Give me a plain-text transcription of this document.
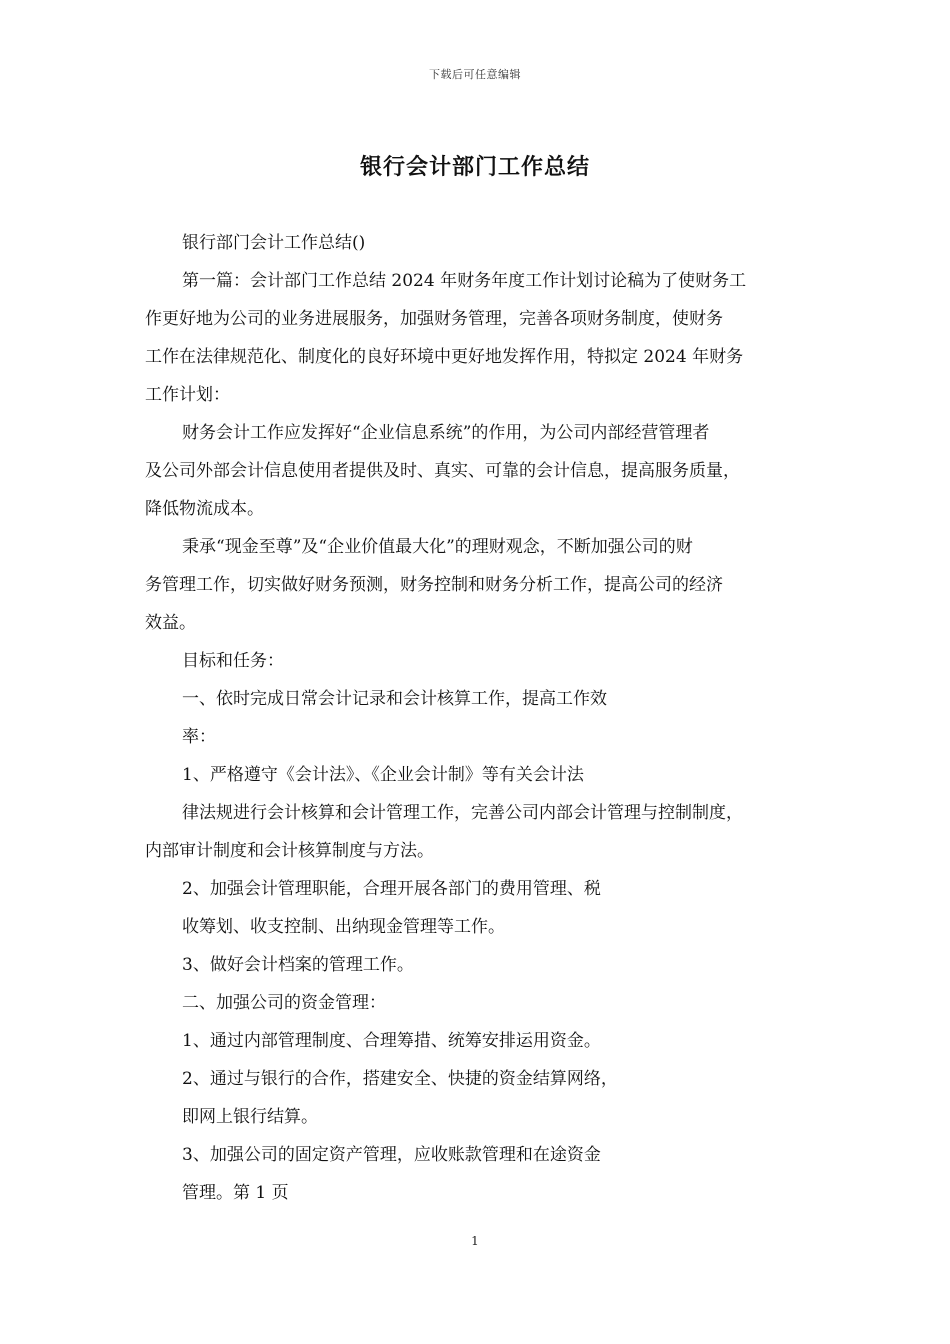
下载后可任意编辑
银行会计部门工作总结
银行部门会计工作总结()
第一篇：会计部门工作总结 2024 年财务年度工作计划讨论稿为了使财务工
作更好地为公司的业务进展服务，加强财务管理，完善各项财务制度，使财务
工作在法律规范化、制度化的良好环境中更好地发挥作用，特拟定 2024 年财务
工作计划：
财务会计工作应发挥好“企业信息系统”的作用，为公司内部经营管理者
及公司外部会计信息使用者提供及时、真实、可靠的会计信息，提高服务质量，
降低物流成本。
秉承“现金至尊”及“企业价值最大化”的理财观念，不断加强公司的财
务管理工作，切实做好财务预测，财务控制和财务分析工作，提高公司的经济
效益。
目标和任务：
一、依时完成日常会计记录和会计核算工作，提高工作效
率：
1、严格遵守《会计法》、《企业会计制》等有关会计法
律法规进行会计核算和会计管理工作，完善公司内部会计管理与控制制度，
内部审计制度和会计核算制度与方法。
2、加强会计管理职能，合理开展各部门的费用管理、税
收筹划、收支控制、出纳现金管理等工作。
3、做好会计档案的管理工作。
二、加强公司的资金管理：
1、通过内部管理制度、合理筹措、统筹安排运用资金。
2、通过与银行的合作，搭建安全、快捷的资金结算网络，
即网上银行结算。
3、加强公司的固定资产管理，应收账款管理和在途资金
管理。第 1 页
1
